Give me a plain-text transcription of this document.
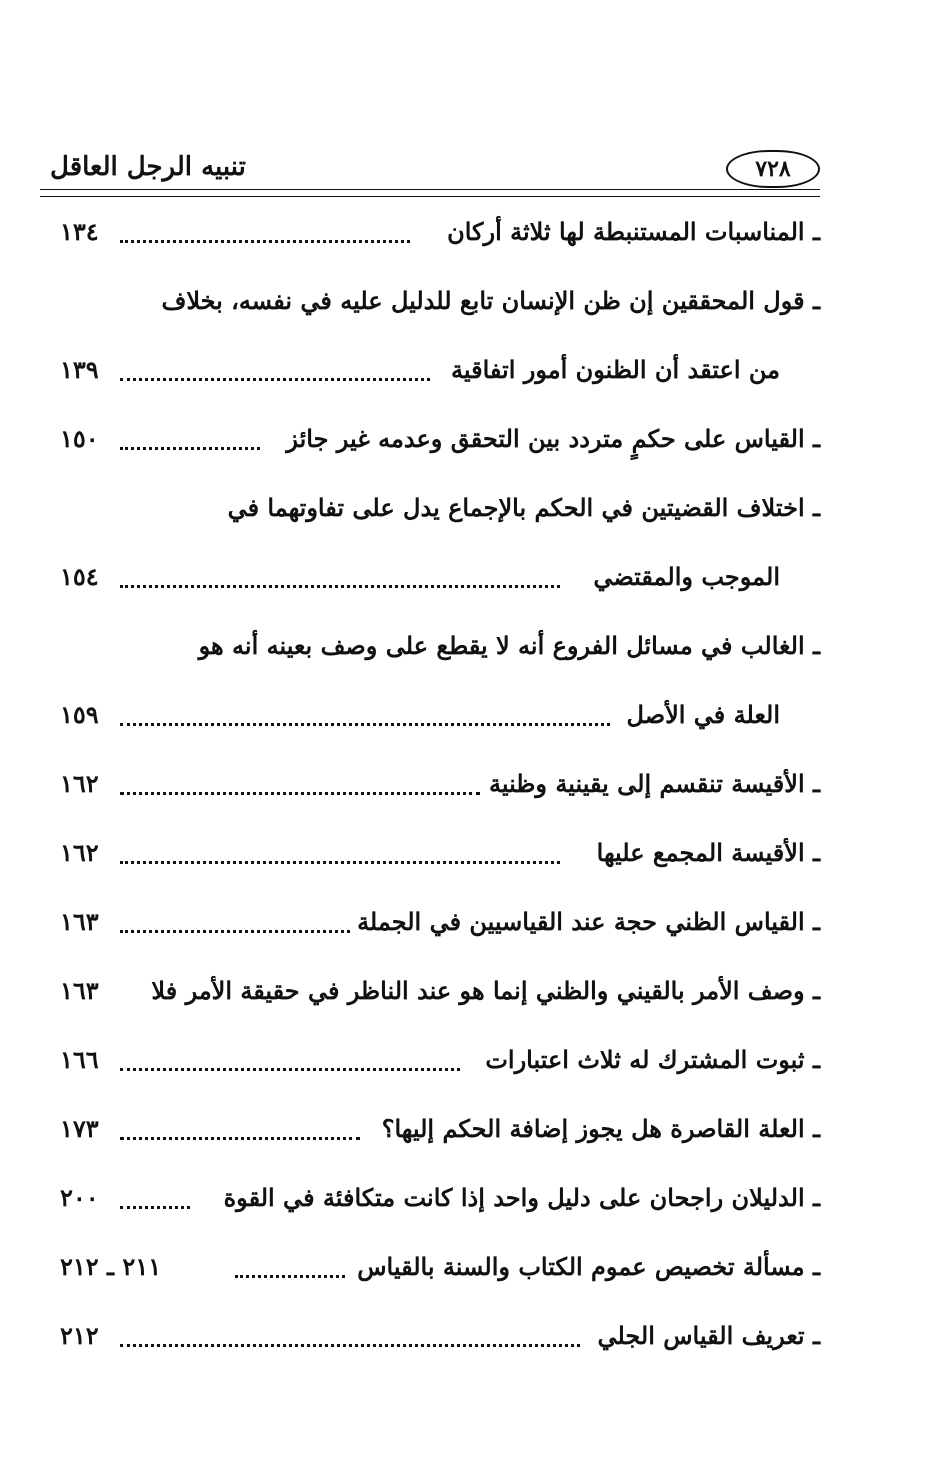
٧٢٨
تنبيه الرجل العاقل
ـ المناسبات المستنبطة لها ثلاثة أركان
١٣٤
ـ قول المحققين إن ظن الإنسان تابع للدليل عليه في نفسه، بخلاف
من اعتقد أن الظنون أمور اتفاقية
١٣٩
ـ القياس على حكمٍ متردد بين التحقق وعدمه غير جائز
١٥٠
ـ اختلاف القضيتين في الحكم بالإجماع يدل على تفاوتهما في
الموجب والمقتضي
١٥٤
ـ الغالب في مسائل الفروع أنه لا يقطع على وصف بعينه أنه هو
العلة في الأصل
١٥٩
ـ الأقيسة تنقسم إلى يقينية وظنية
١٦٢
ـ الأقيسة المجمع عليها
١٦٢
ـ القياس الظني حجة عند القياسيين في الجملة
١٦٣
ـ وصف الأمر بالقيني والظني إنما هو عند الناظر في حقيقة الأمر فلا
١٦٣
ـ ثبوت المشترك له ثلاث اعتبارات
١٦٦
ـ العلة القاصرة هل يجوز إضافة الحكم إليها؟
١٧٣
ـ الدليلان راجحان على دليل واحد إذا كانت متكافئة في القوة
٢٠٠
ـ مسألة تخصيص عموم الكتاب والسنة بالقياس
٢١١ ـ ٢١٢
ـ تعريف القياس الجلي
٢١٢
